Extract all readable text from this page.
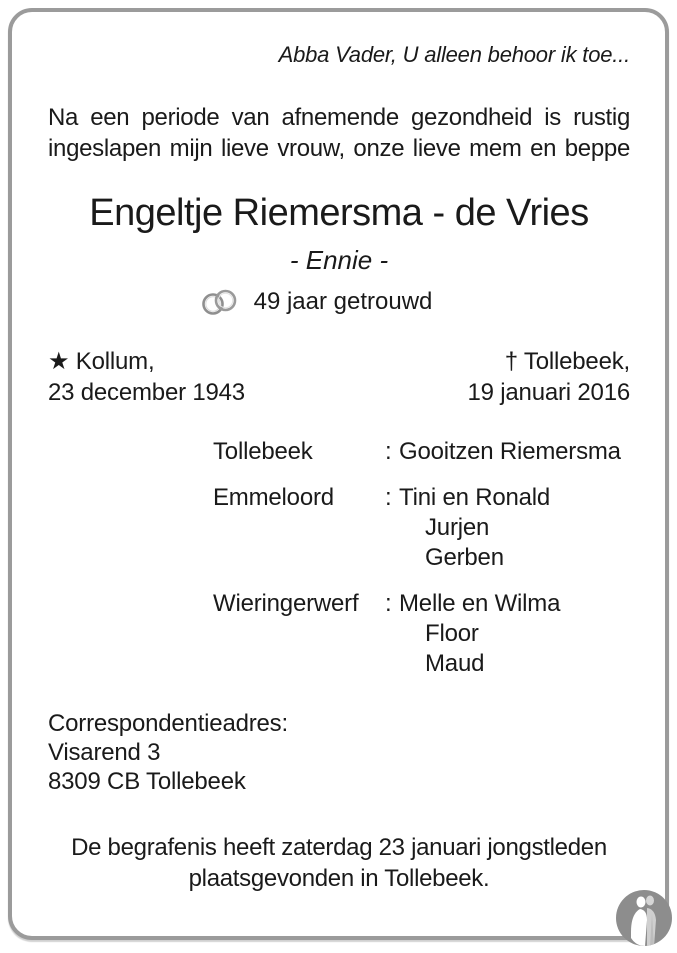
Abba Vader, U alleen behoor ik toe...
Na een periode van afnemende gezondheid is rustig
ingeslapen mijn lieve vrouw, onze lieve mem en beppe
Engeltje Riemersma - de Vries
- Ennie -
49 jaar getrouwd
★ Kollum,
23 december 1943
† Tollebeek,
19 januari 2016
Tollebeek	: Gooitzen Riemersma
Emmeloord	: Tini en Ronald
Jurjen
Gerben
Wieringerwerf	: Melle en Wilma
Floor
Maud
Correspondentieadres:
Visarend 3
8309 CB Tollebeek
De begrafenis heeft zaterdag 23 januari jongstleden
plaatsgevonden in Tollebeek.
